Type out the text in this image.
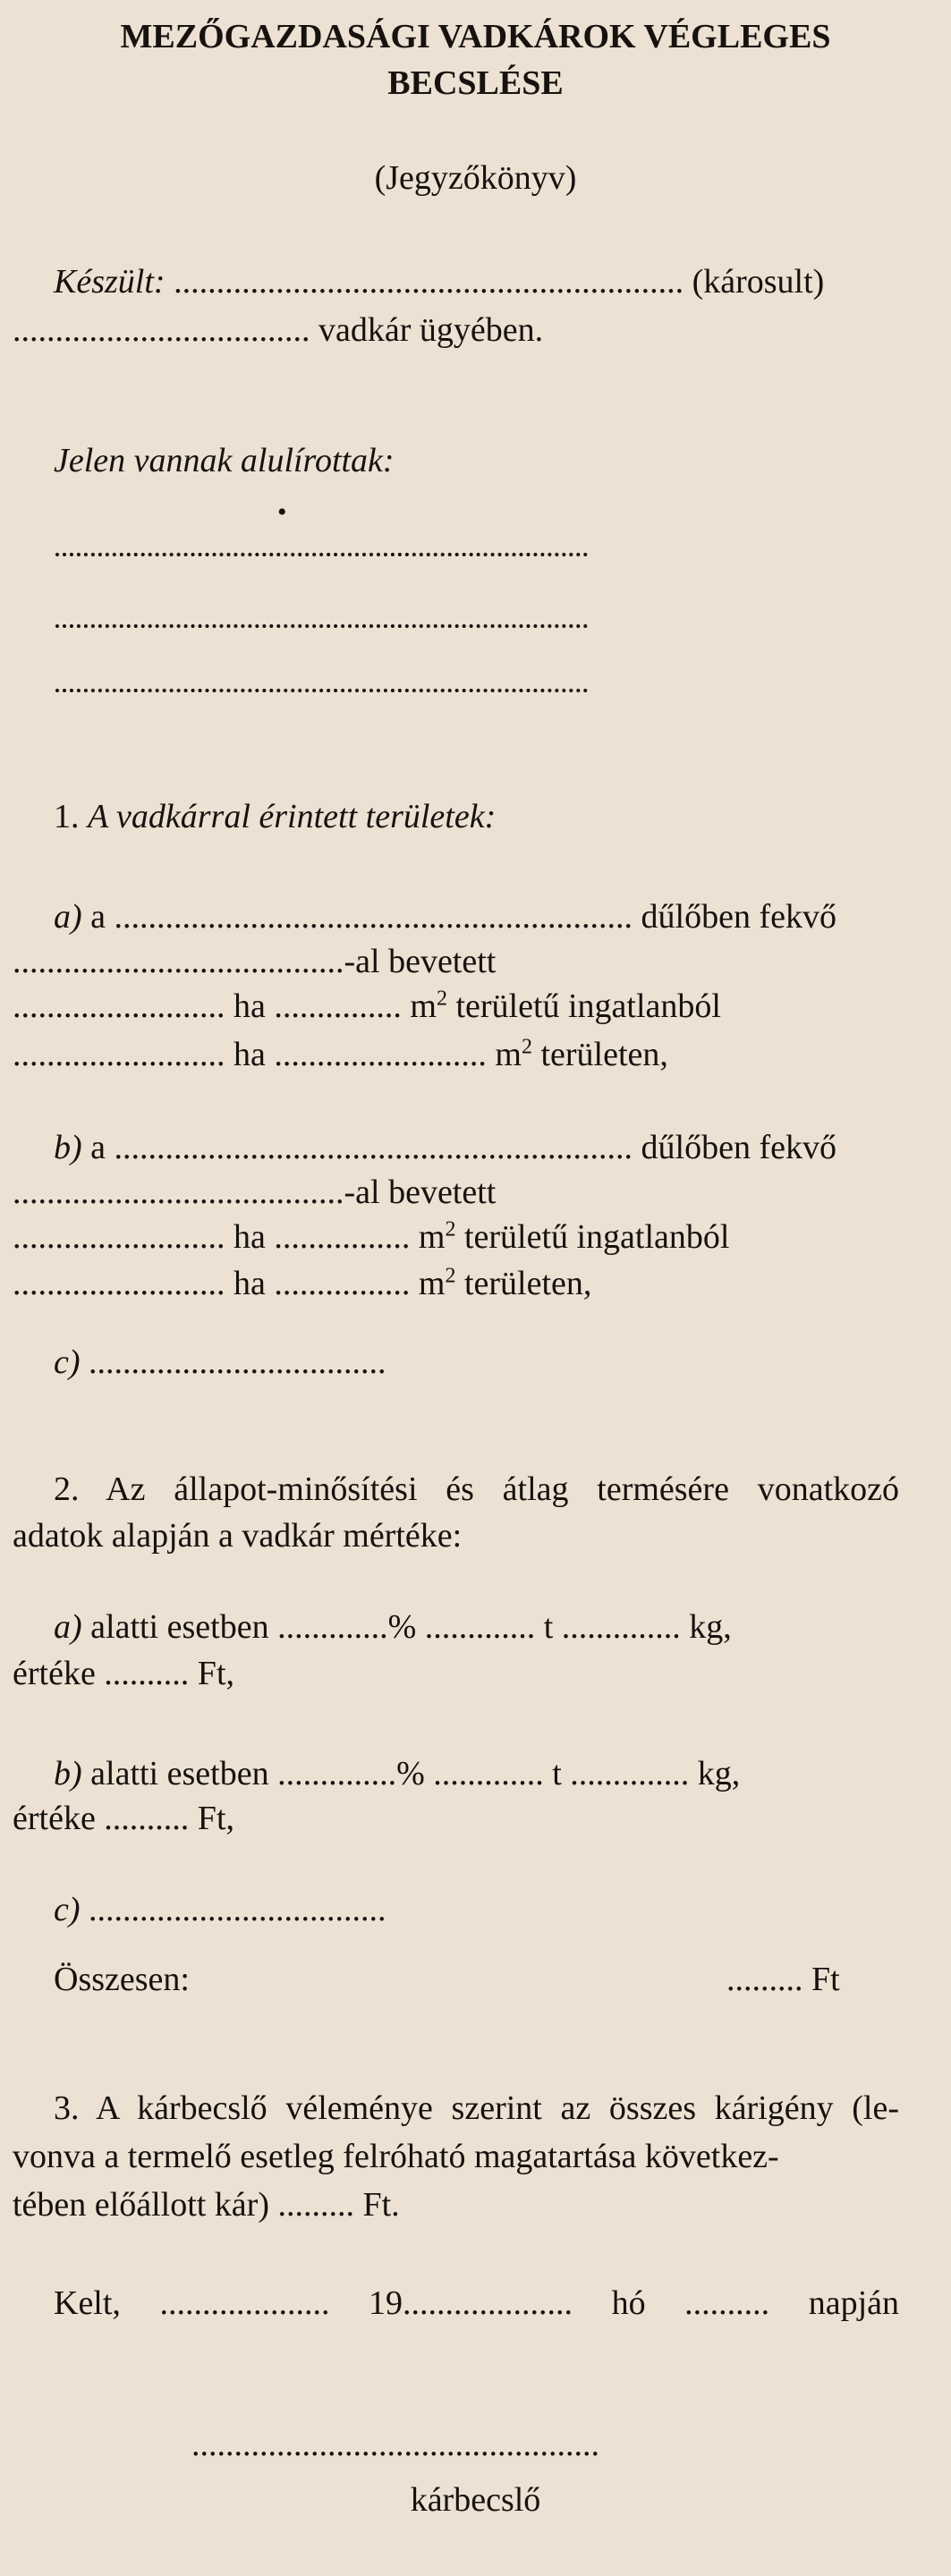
MEZŐGAZDASÁGI VADKÁROK VÉGLEGES
BECSLÉSE
(Jegyzőkönyv)
Készült: ............................................................ (károsult)
................................... vadkár ügyében.
Jelen vannak alulírottak:
•
1. A vadkárral érintett területek:
a) a ............................................................. dűlőben fekvő
.......................................-al bevetett
......................... ha ............... $m^2$ területű ingatlanból
......................... ha ......................... $m^2$ területen,
b) a ............................................................. dűlőben fekvő
.......................................-al bevetett
......................... ha ................ $m^2$ területű ingatlanból
......................... ha ................ $m^2$ területen,
c) ...................................
2. Az állapot-minősítési és átlag termésére vonatkozó
adatok alapján a vadkár mértéke:
a) alatti esetben .............% ............. t .............. kg,
értéke .......... Ft,
b) alatti esetben ..............% ............. t .............. kg,
értéke .......... Ft,
c) ...................................
Összesen:	......... Ft
3. A kárbecslő véleménye szerint az összes kárigény (le-
vonva a termelő esetleg felróható magatartása következ-
tében előállott kár) ......... Ft.
Kelt, .................... 19.................... hó .......... napján
................................................
kárbecslő
